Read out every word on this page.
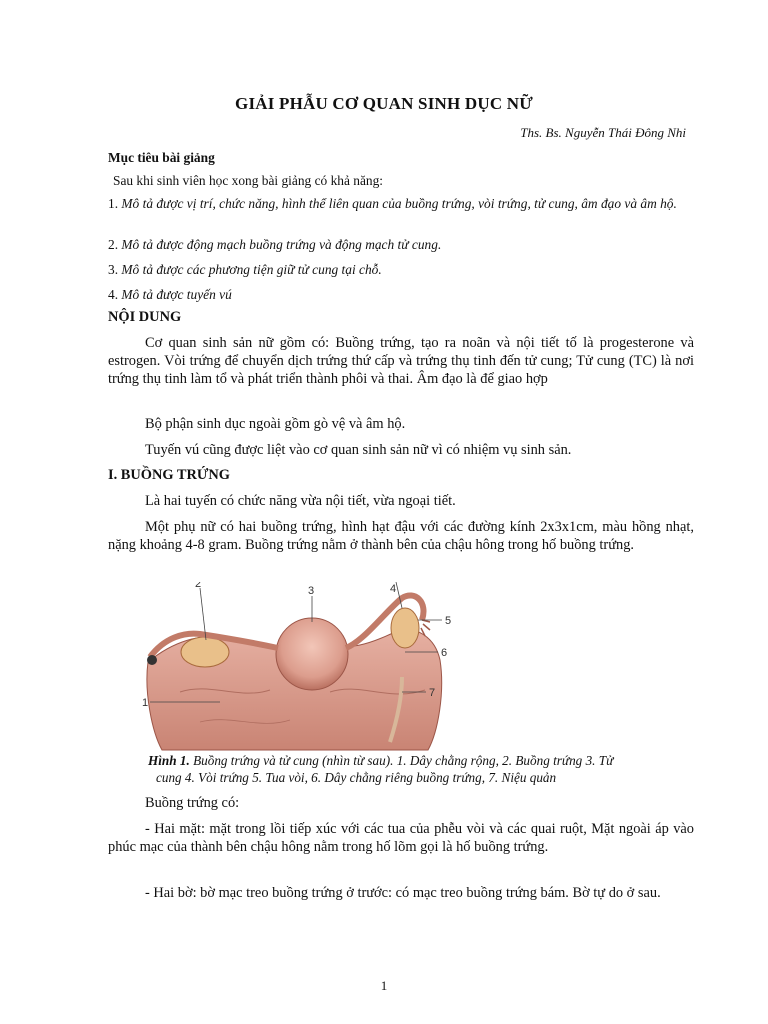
GIẢI PHẪU CƠ QUAN SINH DỤC NỮ
Ths. Bs. Nguyễn Thái Đông Nhi
Mục tiêu bài giảng
Sau khi sinh viên học xong bài giảng có khả năng:
1. Mô tả được vị trí, chức năng, hình thể liên quan của buồng trứng, vòi trứng, tử cung, âm đạo và âm hộ.
2. Mô tả được động mạch buồng trứng và động mạch tử cung.
3. Mô tả được các phương tiện giữ tử cung tại chỗ.
4. Mô tả được tuyến vú
NỘI DUNG
Cơ quan sinh sản nữ gồm có: Buồng trứng, tạo ra noãn và nội tiết tố là progesterone và estrogen. Vòi trứng để chuyển dịch trứng thứ cấp và trứng thụ tinh đến tử cung; Tử cung (TC) là nơi trứng thụ tinh làm tổ và phát triển thành phôi và thai. Âm đạo là để giao hợp
Bộ phận sinh dục ngoài gồm gò vệ và âm hộ.
Tuyến vú cũng được liệt vào cơ quan sinh sản nữ vì có nhiệm vụ sinh sản.
I. BUỒNG TRỨNG
Là hai tuyến có chức năng vừa nội tiết, vừa ngoại tiết.
Một phụ nữ có hai buồng trứng, hình hạt đậu với các đường kính 2x3x1cm, màu hồng nhạt, nặng khoảng 4-8 gram. Buồng trứng nằm ở thành bên của chậu hông trong hố buồng trứng.
1
2
3	4
5
6
7
Hình 1. Buồng trứng và tử cung (nhìn từ sau). 1. Dây chằng rộng, 2. Buồng trứng 3. Tử
cung 4. Vòi trứng 5. Tua vòi, 6. Dây chằng riêng buồng trứng, 7. Niệu quản
Buồng trứng có:
- Hai mặt: mặt trong lồi tiếp xúc với các tua của phễu vòi và các quai ruột, Mặt ngoài áp vào phúc mạc của thành bên chậu hông nằm trong hố lõm gọi là hố buồng trứng.
- Hai bờ: bờ mạc treo buồng trứng ở trước: có mạc treo buồng trứng bám. Bờ tự do ở sau.
1
